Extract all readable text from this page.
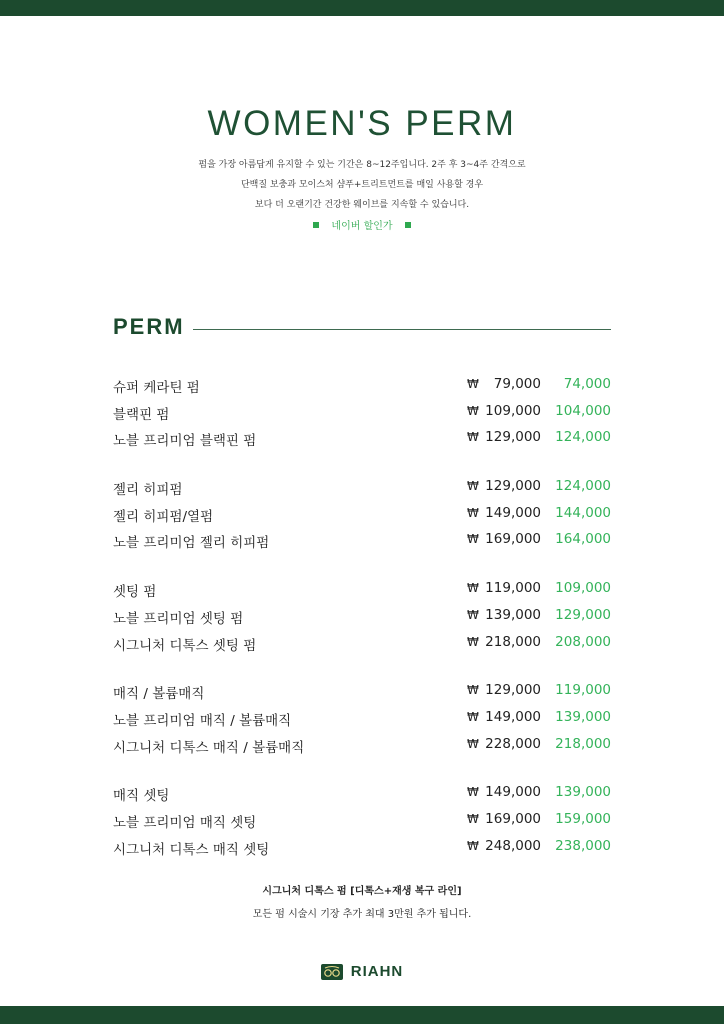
WOMEN'S PERM
펌을 가장 아름답게 유지할 수 있는 기간은 8~12주입니다. 2주 후 3~4주 간격으로
단백질 보충과 모이스처 샴푸+트리트먼트를 매일 사용할 경우
보다 더 오랜기간 건강한 웨이브를 지속할 수 있습니다.
네이버 할인가
PERM
슈퍼 케라틴 펌	₩ 79,000 74,000
블랙핀 펌	₩ 109,000 104,000
노블 프리미엄 블랙핀 펌	₩ 129,000 124,000
젤리 히피펌	₩ 129,000 124,000
젤리 히피펌/열펌	₩ 149,000 144,000
노블 프리미엄 젤리 히피펌	₩ 169,000 164,000
셋팅 펌	₩ 119,000 109,000
노블 프리미엄 셋팅 펌	₩ 139,000 129,000
시그니처 디톡스 셋팅 펌	₩ 218,000 208,000
매직 / 볼륨매직	₩ 129,000 119,000
노블 프리미엄 매직 / 볼륨매직	₩ 149,000 139,000
시그니처 디톡스 매직 / 볼륨매직	₩ 228,000 218,000
매직 셋팅	₩ 149,000 139,000
노블 프리미엄 매직 셋팅	₩ 169,000 159,000
시그니처 디톡스 매직 셋팅	₩ 248,000 238,000
시그니처 디톡스 펌 [디톡스+재생 복구 라인]
모든 펌 시술시 기장 추가 최대 3만원 추가 됩니다.
RIAHN
